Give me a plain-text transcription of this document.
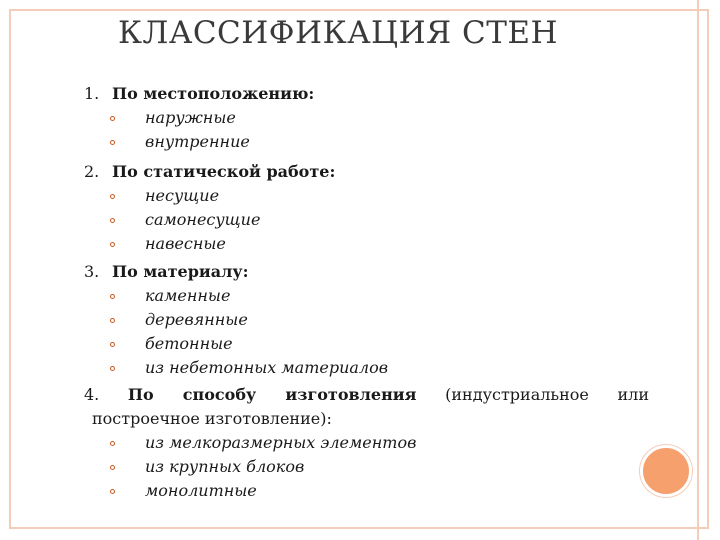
КЛАССИФИКАЦИЯ СТЕН
1. По местоположению:
наружные
внутренние
2. По статической работе:
несущие
самонесущие
навесные
3. По материалу:
каменные
деревянные
бетонные
из небетонных материалов
4. По способу изготовления (индустриальное или
построечное изготовление):
из мелкоразмерных элементов
из крупных блоков
монолитные
